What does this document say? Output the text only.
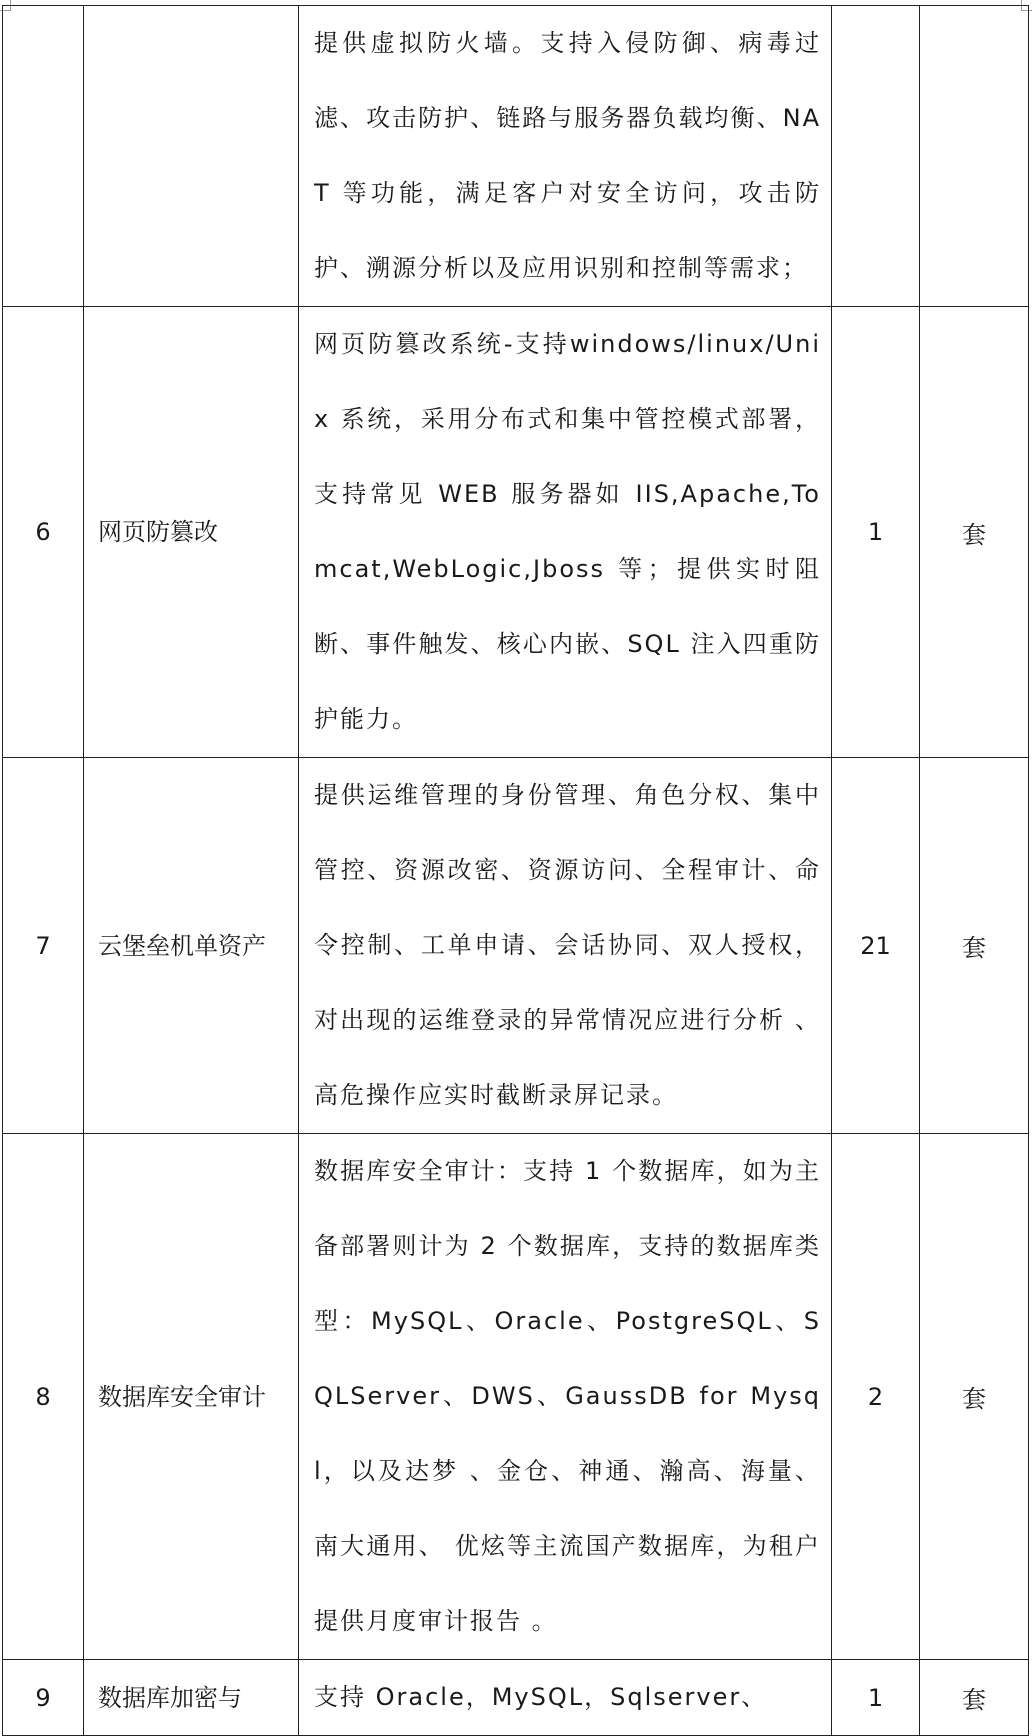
		提供虚拟防火墙。支持入侵防御、病毒过滤、攻击防护、链路与服务器负载均衡、NAT 等功能，满足客户对安全访问，攻击防护、溯源分析以及应用识别和控制等需求；		

6	网页防篡改	网页防篡改系统-支持windows/linux/Unix 系统，采用分布式和集中管控模式部署，支持常见 WEB 服务器如 IIS,Apache,Tomcat,WebLogic,Jboss 等；提供实时阻断、事件触发、核心内嵌、SQL 注入四重防护能力。	1	套
7	云堡垒机单资产	提供运维管理的身份管理、角色分权、集中管控、资源改密、资源访问、全程审计、命令控制、工单申请、会话协同、双人授权，对出现的运维登录的异常情况应进行分析 、高危操作应实时截断录屏记录。	21	套
8	数据库安全审计	数据库安全审计：支持 1 个数据库，如为主备部署则计为 2 个数据库，支持的数据库类型：MySQL、Oracle、PostgreSQL、SQLServer、DWS、GaussDB for Mysql，以及达梦 、金仓、神通、瀚高、海量、南大通用、 优炫等主流国产数据库，为租户提供月度审计报告 。	2	套
9	数据库加密与	支持 Oracle，MySQL，Sqlserver、	1	套
